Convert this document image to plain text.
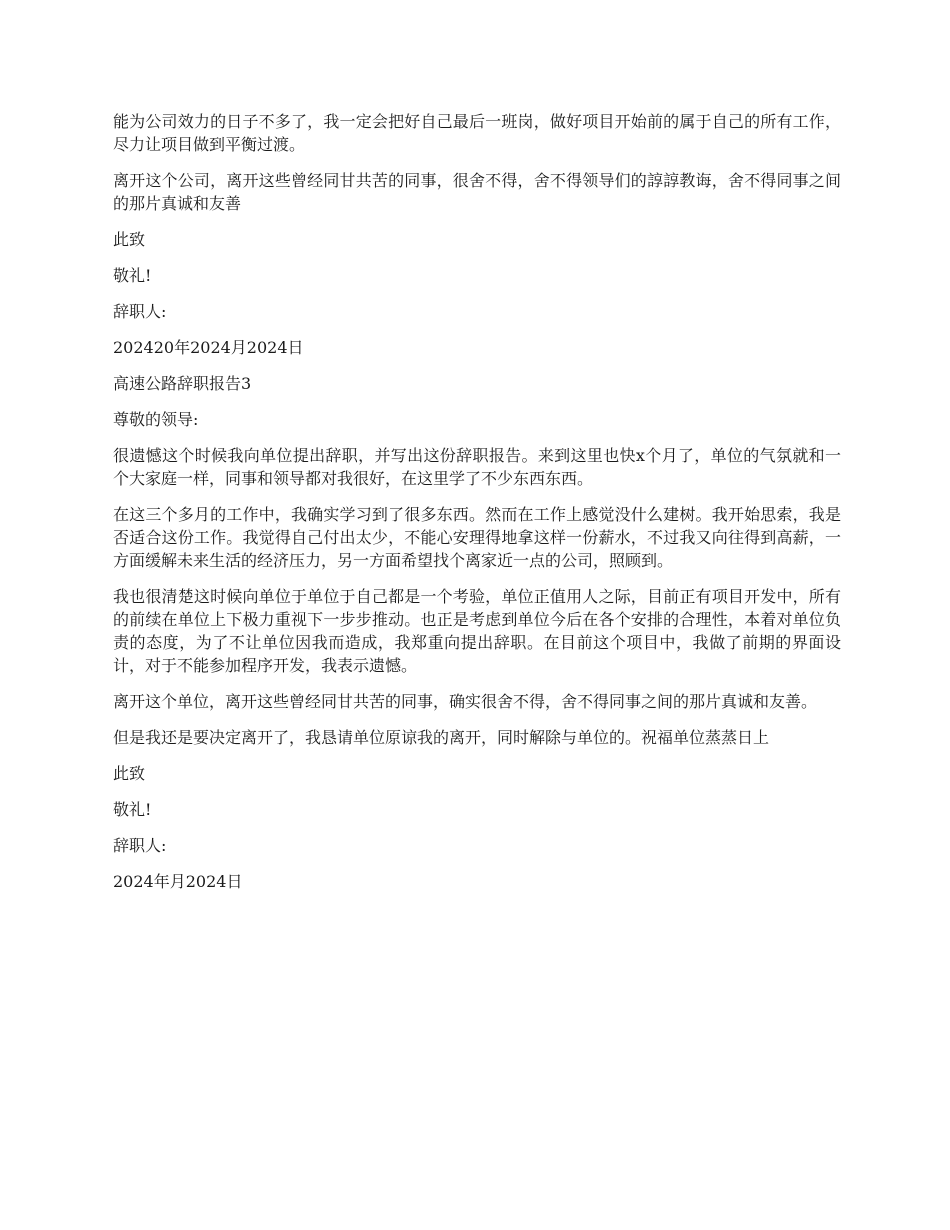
能为公司效力的日子不多了，我一定会把好自己最后一班岗，做好项目开始前的属于自己的所有工作，尽力让项目做到平衡过渡。

离开这个公司，离开这些曾经同甘共苦的同事，很舍不得，舍不得领导们的諄諄教诲，舍不得同事之间的那片真诚和友善

此致

敬礼!

辞职人:

202420年2024月2024日

高速公路辞职报告3

尊敬的领导:

很遗憾这个时候我向单位提出辞职，并写出这份辞职报告。来到这里也快x个月了，单位的气氛就和一个大家庭一样，同事和领导都对我很好，在这里学了不少东西东西。

在这三个多月的工作中，我确实学习到了很多东西。然而在工作上感觉没什么建树。我开始思索，我是否适合这份工作。我觉得自己付出太少，不能心安理得地拿这样一份薪水，不过我又向往得到高薪，一方面缓解未来生活的经济压力，另一方面希望找个离家近一点的公司，照顾到。

我也很清楚这时候向单位于单位于自己都是一个考验，单位正值用人之际，目前正有项目开发中，所有的前续在单位上下极力重视下一步步推动。也正是考虑到单位今后在各个安排的合理性，本着对单位负责的态度，为了不让单位因我而造成，我郑重向提出辞职。在目前这个项目中，我做了前期的界面设计，对于不能参加程序开发，我表示遗憾。

离开这个单位，离开这些曾经同甘共苦的同事，确实很舍不得，舍不得同事之间的那片真诚和友善。

但是我还是要决定离开了，我恳请单位原谅我的离开，同时解除与单位的。祝福单位蒸蒸日上

此致

敬礼!

辞职人:

2024年月2024日
